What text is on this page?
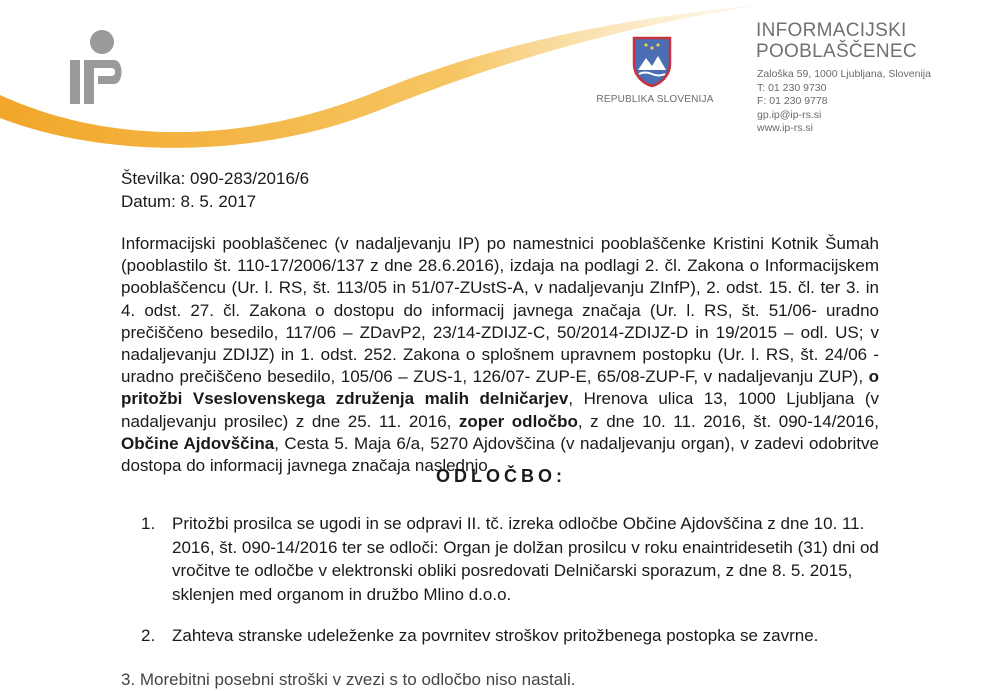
REPUBLIKA SLOVENIJA
INFORMACIJSKI
POOBLAŠČENEC
Zaloška 59, 1000 Ljubljana, Slovenija
T: 01 230 9730
F: 01 230 9778
gp.ip@ip-rs.si
www.ip-rs.si
Številka: 090-283/2016/6
Datum: 8. 5. 2017
Informacijski pooblaščenec (v nadaljevanju IP) po namestnici pooblaščenke Kristini Kotnik Šumah (pooblastilo št. 110-17/2006/137 z dne 28.6.2016), izdaja na podlagi 2. čl. Zakona o Informacijskem pooblaščencu (Ur. l. RS, št. 113/05 in 51/07-ZUstS-A, v nadaljevanju ZInfP), 2. odst. 15. čl. ter 3. in 4. odst. 27. čl. Zakona o dostopu do informacij javnega značaja (Ur. l. RS, št. 51/06- uradno prečiščeno besedilo, 117/06 – ZDavP2, 23/14-ZDIJZ-C, 50/2014-ZDIJZ-D in 19/2015 – odl. US; v nadaljevanju ZDIJZ) in 1. odst. 252. Zakona o splošnem upravnem postopku (Ur. l. RS, št. 24/06 - uradno prečiščeno besedilo, 105/06 – ZUS-1, 126/07- ZUP-E, 65/08-ZUP-F, v nadaljevanju ZUP), o pritožbi Vseslovenskega združenja malih delničarjev, Hrenova ulica 13, 1000 Ljubljana (v nadaljevanju prosilec) z dne 25. 11. 2016, zoper odločbo, z dne 10. 11. 2016, št. 090-14/2016, Občine Ajdovščina, Cesta 5. Maja 6/a, 5270 Ajdovščina (v nadaljevanju organ), v zadevi odobritve dostopa do informacij javnega značaja naslednjo
ODLOČBO:
1. Pritožbi prosilca se ugodi in se odpravi II. tč. izreka odločbe Občine Ajdovščina z dne 10. 11. 2016, št. 090-14/2016 ter se odloči: Organ je dolžan prosilcu v roku enaintridesetih (31) dni od vročitve te odločbe v elektronski obliki posredovati Delničarski sporazum, z dne 8. 5. 2015, sklenjen med organom in družbo Mlino d.o.o.
2. Zahteva stranske udeleženke za povrnitev stroškov pritožbenega postopka se zavrne.
3. Morebitni posebni stroški v zvezi s to odločbo niso nastali.
